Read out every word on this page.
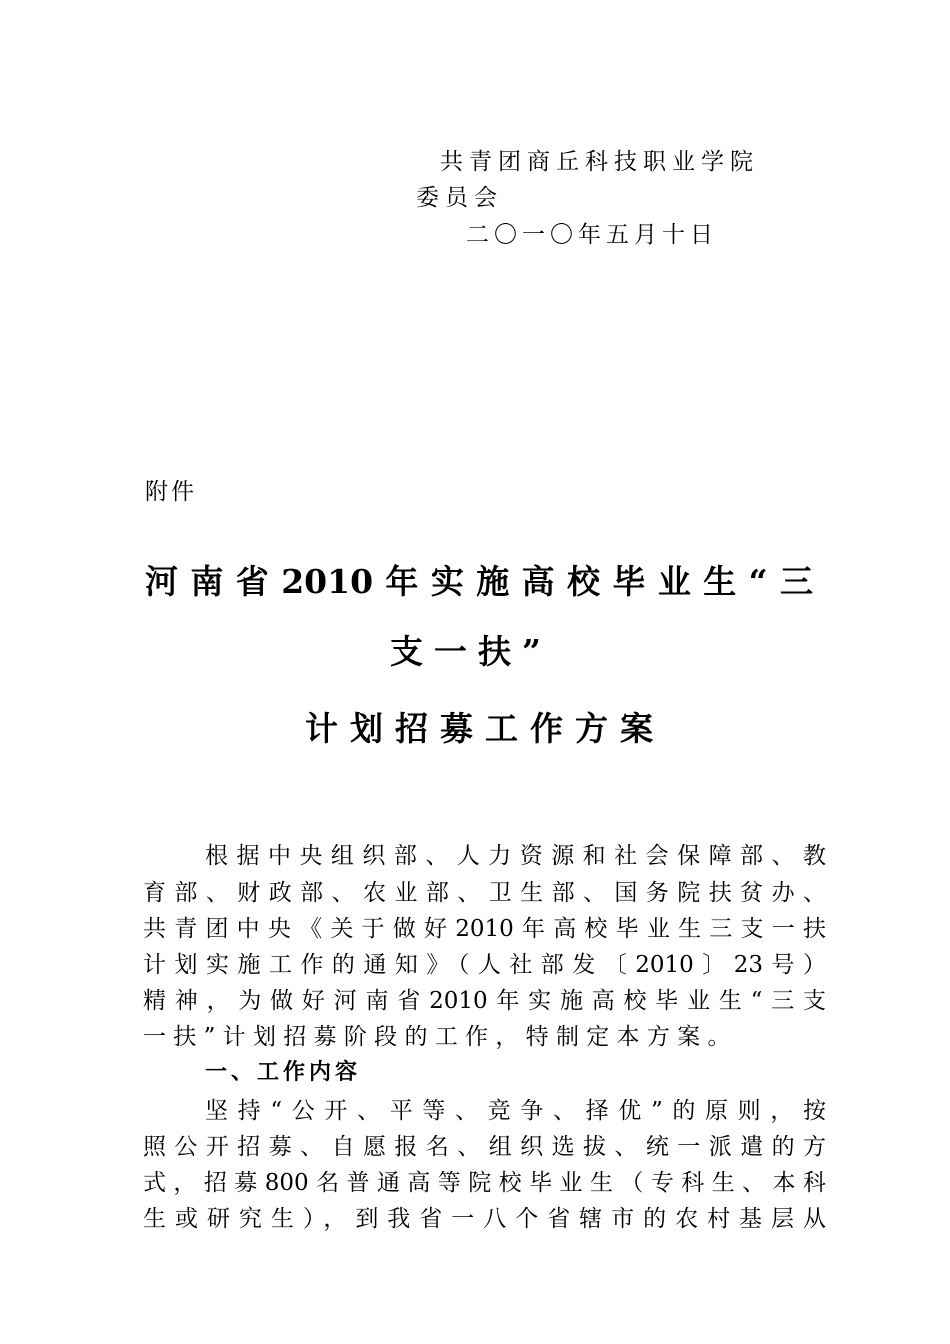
共青团商丘科技职业学院
委员会
二〇一〇年五月十日
附件
河南省2010年实施高校毕业生“三
支一扶”
计划招募工作方案
根据中央组织部、人力资源和社会保障部、教
育部、财政部、农业部、卫生部、国务院扶贫办、
共青团中央《关于做好2010年高校毕业生三支一扶
计划实施工作的通知》（人社部发〔2010〕23号）
精神，为做好河南省2010年实施高校毕业生“三支
一扶”计划招募阶段的工作，特制定本方案。
一、工作内容
坚持“公开、平等、竞争、择优”的原则，按
照公开招募、自愿报名、组织选拔、统一派遣的方
式，招募800名普通高等院校毕业生（专科生、本科
生或研究生），到我省一八个省辖市的农村基层从
